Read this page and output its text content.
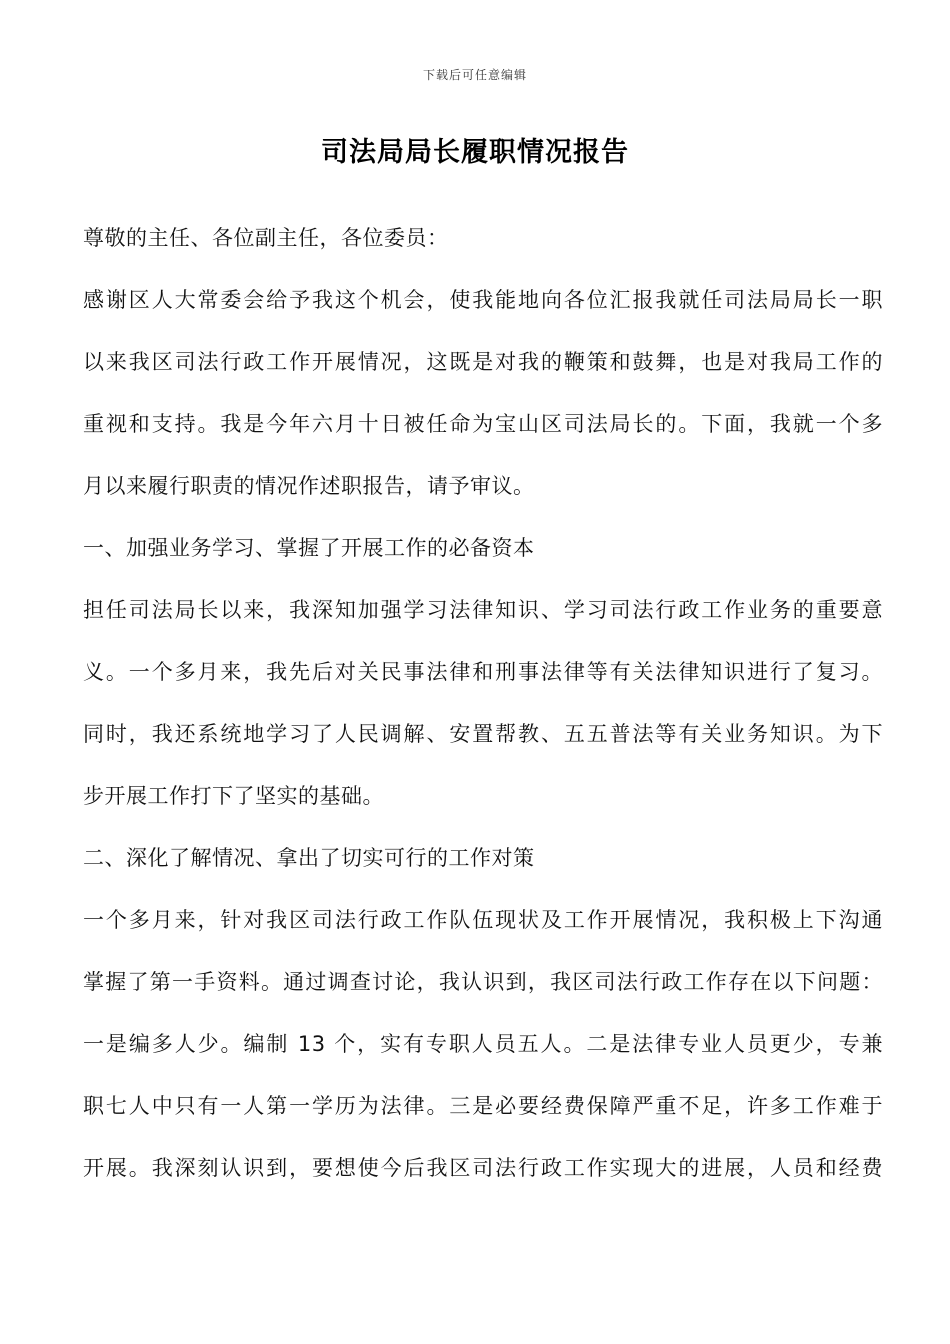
下载后可任意编辑
司法局局长履职情况报告
尊敬的主任、各位副主任，各位委员：
感谢区人大常委会给予我这个机会，使我能地向各位汇报我就任司法局局长一职
以来我区司法行政工作开展情况，这既是对我的鞭策和鼓舞，也是对我局工作的
重视和支持。我是今年六月十日被任命为宝山区司法局长的。下面，我就一个多
月以来履行职责的情况作述职报告，请予审议。
一、加强业务学习、掌握了开展工作的必备资本
担任司法局长以来，我深知加强学习法律知识、学习司法行政工作业务的重要意
义。一个多月来，我先后对关民事法律和刑事法律等有关法律知识进行了复习。
同时，我还系统地学习了人民调解、安置帮教、五五普法等有关业务知识。为下
步开展工作打下了坚实的基础。
二、深化了解情况、拿出了切实可行的工作对策
一个多月来，针对我区司法行政工作队伍现状及工作开展情况，我积极上下沟通
掌握了第一手资料。通过调查讨论，我认识到，我区司法行政工作存在以下问题：
一是编多人少。编制 13 个，实有专职人员五人。二是法律专业人员更少，专兼
职七人中只有一人第一学历为法律。三是必要经费保障严重不足，许多工作难于
开展。我深刻认识到，要想使今后我区司法行政工作实现大的进展，人员和经费
